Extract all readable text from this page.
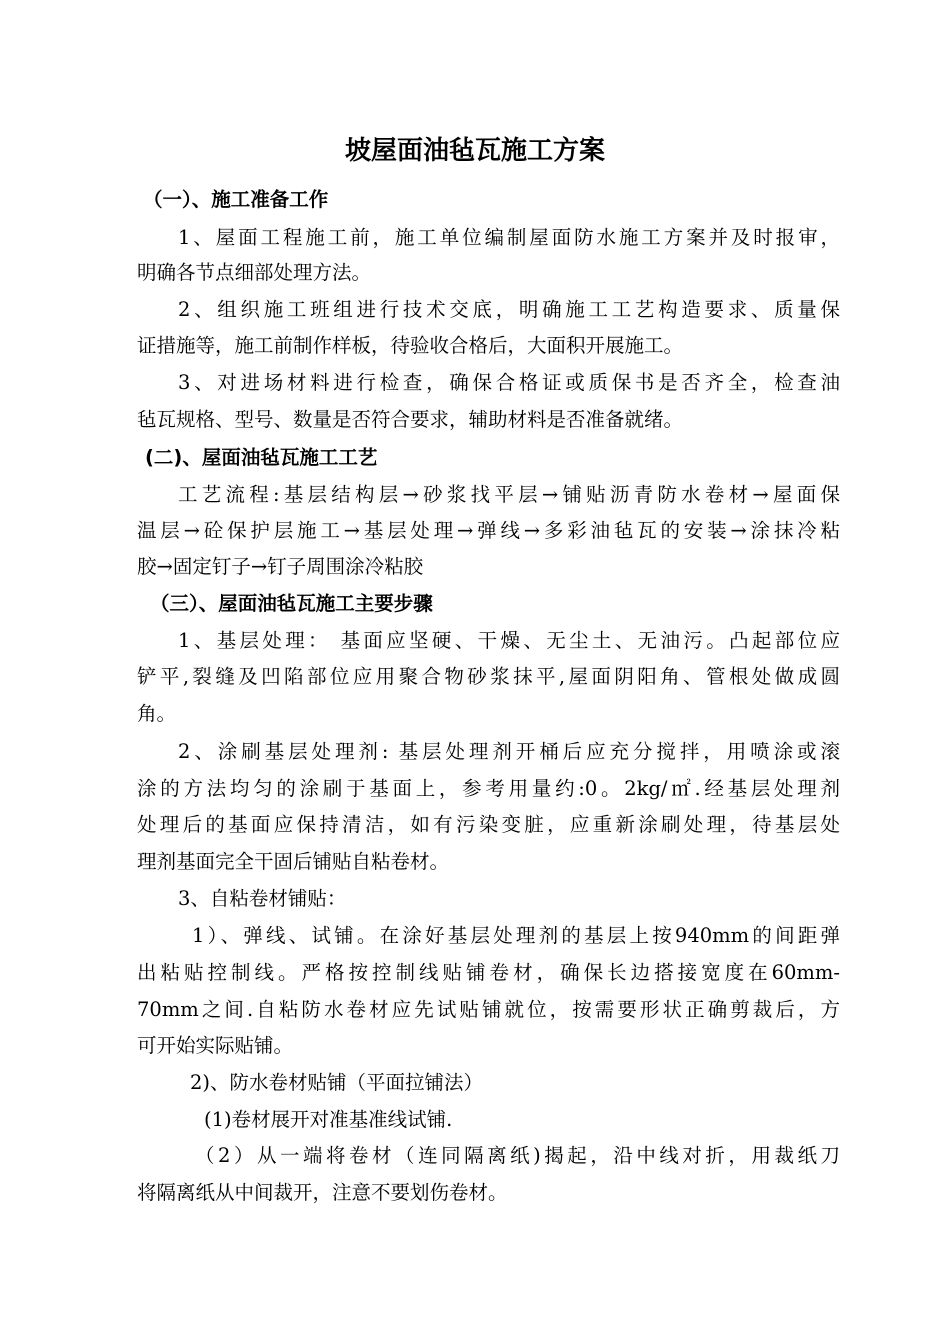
坡屋面油毡瓦施工方案
（一）、施工准备工作
1、屋面工程施工前，施工单位编制屋面防水施工方案并及时报审，
明确各节点细部处理方法。
2、组织施工班组进行技术交底，明确施工工艺构造要求、质量保
证措施等，施工前制作样板，待验收合格后，大面积开展施工。
3、对进场材料进行检查，确保合格证或质保书是否齐全，检查油
毡瓦规格、型号、数量是否符合要求，辅助材料是否准备就绪。
(二)、屋面油毡瓦施工工艺
工艺流程:基层结构层→砂浆找平层→铺贴沥青防水卷材→屋面保
温层→砼保护层施工→基层处理→弹线→多彩油毡瓦的安装→涂抹冷粘
胶→固定钉子→钉子周围涂冷粘胶
（三）、屋面油毡瓦施工主要步骤
1、基层处理： 基面应坚硬、干燥、无尘土、无油污。凸起部位应
铲平,裂缝及凹陷部位应用聚合物砂浆抹平,屋面阴阳角、管根处做成圆
角。
2、涂刷基层处理剂: 基层处理剂开桶后应充分搅拌，用喷涂或滚
涂的方法均匀的涂刷于基面上，参考用量约:0。2kg/㎡.经基层处理剂
处理后的基面应保持清洁，如有污染变脏，应重新涂刷处理，待基层处
理剂基面完全干固后铺贴自粘卷材。
3、自粘卷材铺贴：
1）、弹线、试铺。在涂好基层处理剂的基层上按940mm的间距弹
出粘贴控制线。严格按控制线贴铺卷材，确保长边搭接宽度在60mm-
70mm之间.自粘防水卷材应先试贴铺就位，按需要形状正确剪裁后，方
可开始实际贴铺。
2)、防水卷材贴铺（平面拉铺法）
(1)卷材展开对准基准线试铺.
（2）从一端将卷材（连同隔离纸)揭起，沿中线对折，用裁纸刀
将隔离纸从中间裁开，注意不要划伤卷材。
